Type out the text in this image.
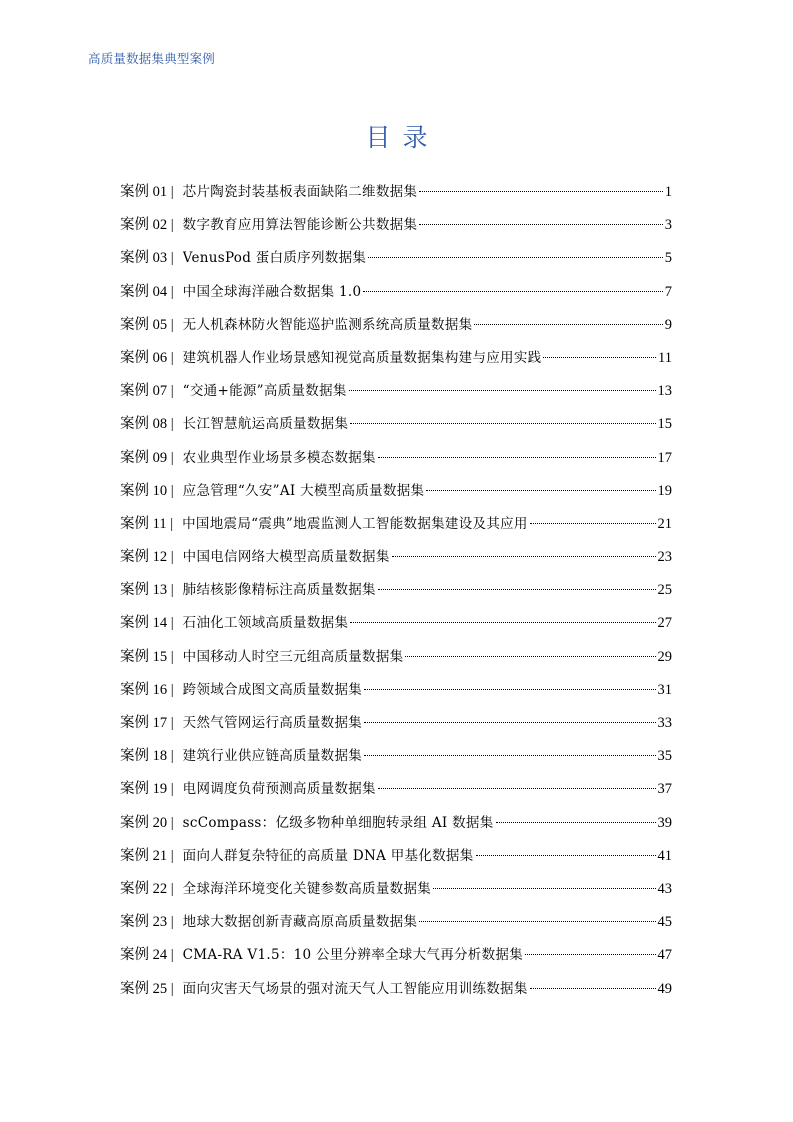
高质量数据集典型案例
目录
案例 01 | 芯片陶瓷封装基板表面缺陷二维数据集	1
案例 02 | 数字教育应用算法智能诊断公共数据集	3
案例 03 | VenusPod 蛋白质序列数据集	5
案例 04 | 中国全球海洋融合数据集 1.0	7
案例 05 | 无人机森林防火智能巡护监测系统高质量数据集	9
案例 06 | 建筑机器人作业场景感知视觉高质量数据集构建与应用实践	11
案例 07 | “交通+能源”高质量数据集	13
案例 08 | 长江智慧航运高质量数据集	15
案例 09 | 农业典型作业场景多模态数据集	17
案例 10 | 应急管理“久安”AI 大模型高质量数据集	19
案例 11 | 中国地震局“震典”地震监测人工智能数据集建设及其应用	21
案例 12 | 中国电信网络大模型高质量数据集	23
案例 13 | 肺结核影像精标注高质量数据集	25
案例 14 | 石油化工领域高质量数据集	27
案例 15 | 中国移动人时空三元组高质量数据集	29
案例 16 | 跨领域合成图文高质量数据集	31
案例 17 | 天然气管网运行高质量数据集	33
案例 18 | 建筑行业供应链高质量数据集	35
案例 19 | 电网调度负荷预测高质量数据集	37
案例 20 | scCompass：亿级多物种单细胞转录组 AI 数据集	39
案例 21 | 面向人群复杂特征的高质量 DNA 甲基化数据集	41
案例 22 | 全球海洋环境变化关键参数高质量数据集	43
案例 23 | 地球大数据创新青藏高原高质量数据集	45
案例 24 | CMA-RA V1.5：10 公里分辨率全球大气再分析数据集	47
案例 25 | 面向灾害天气场景的强对流天气人工智能应用训练数据集	49
